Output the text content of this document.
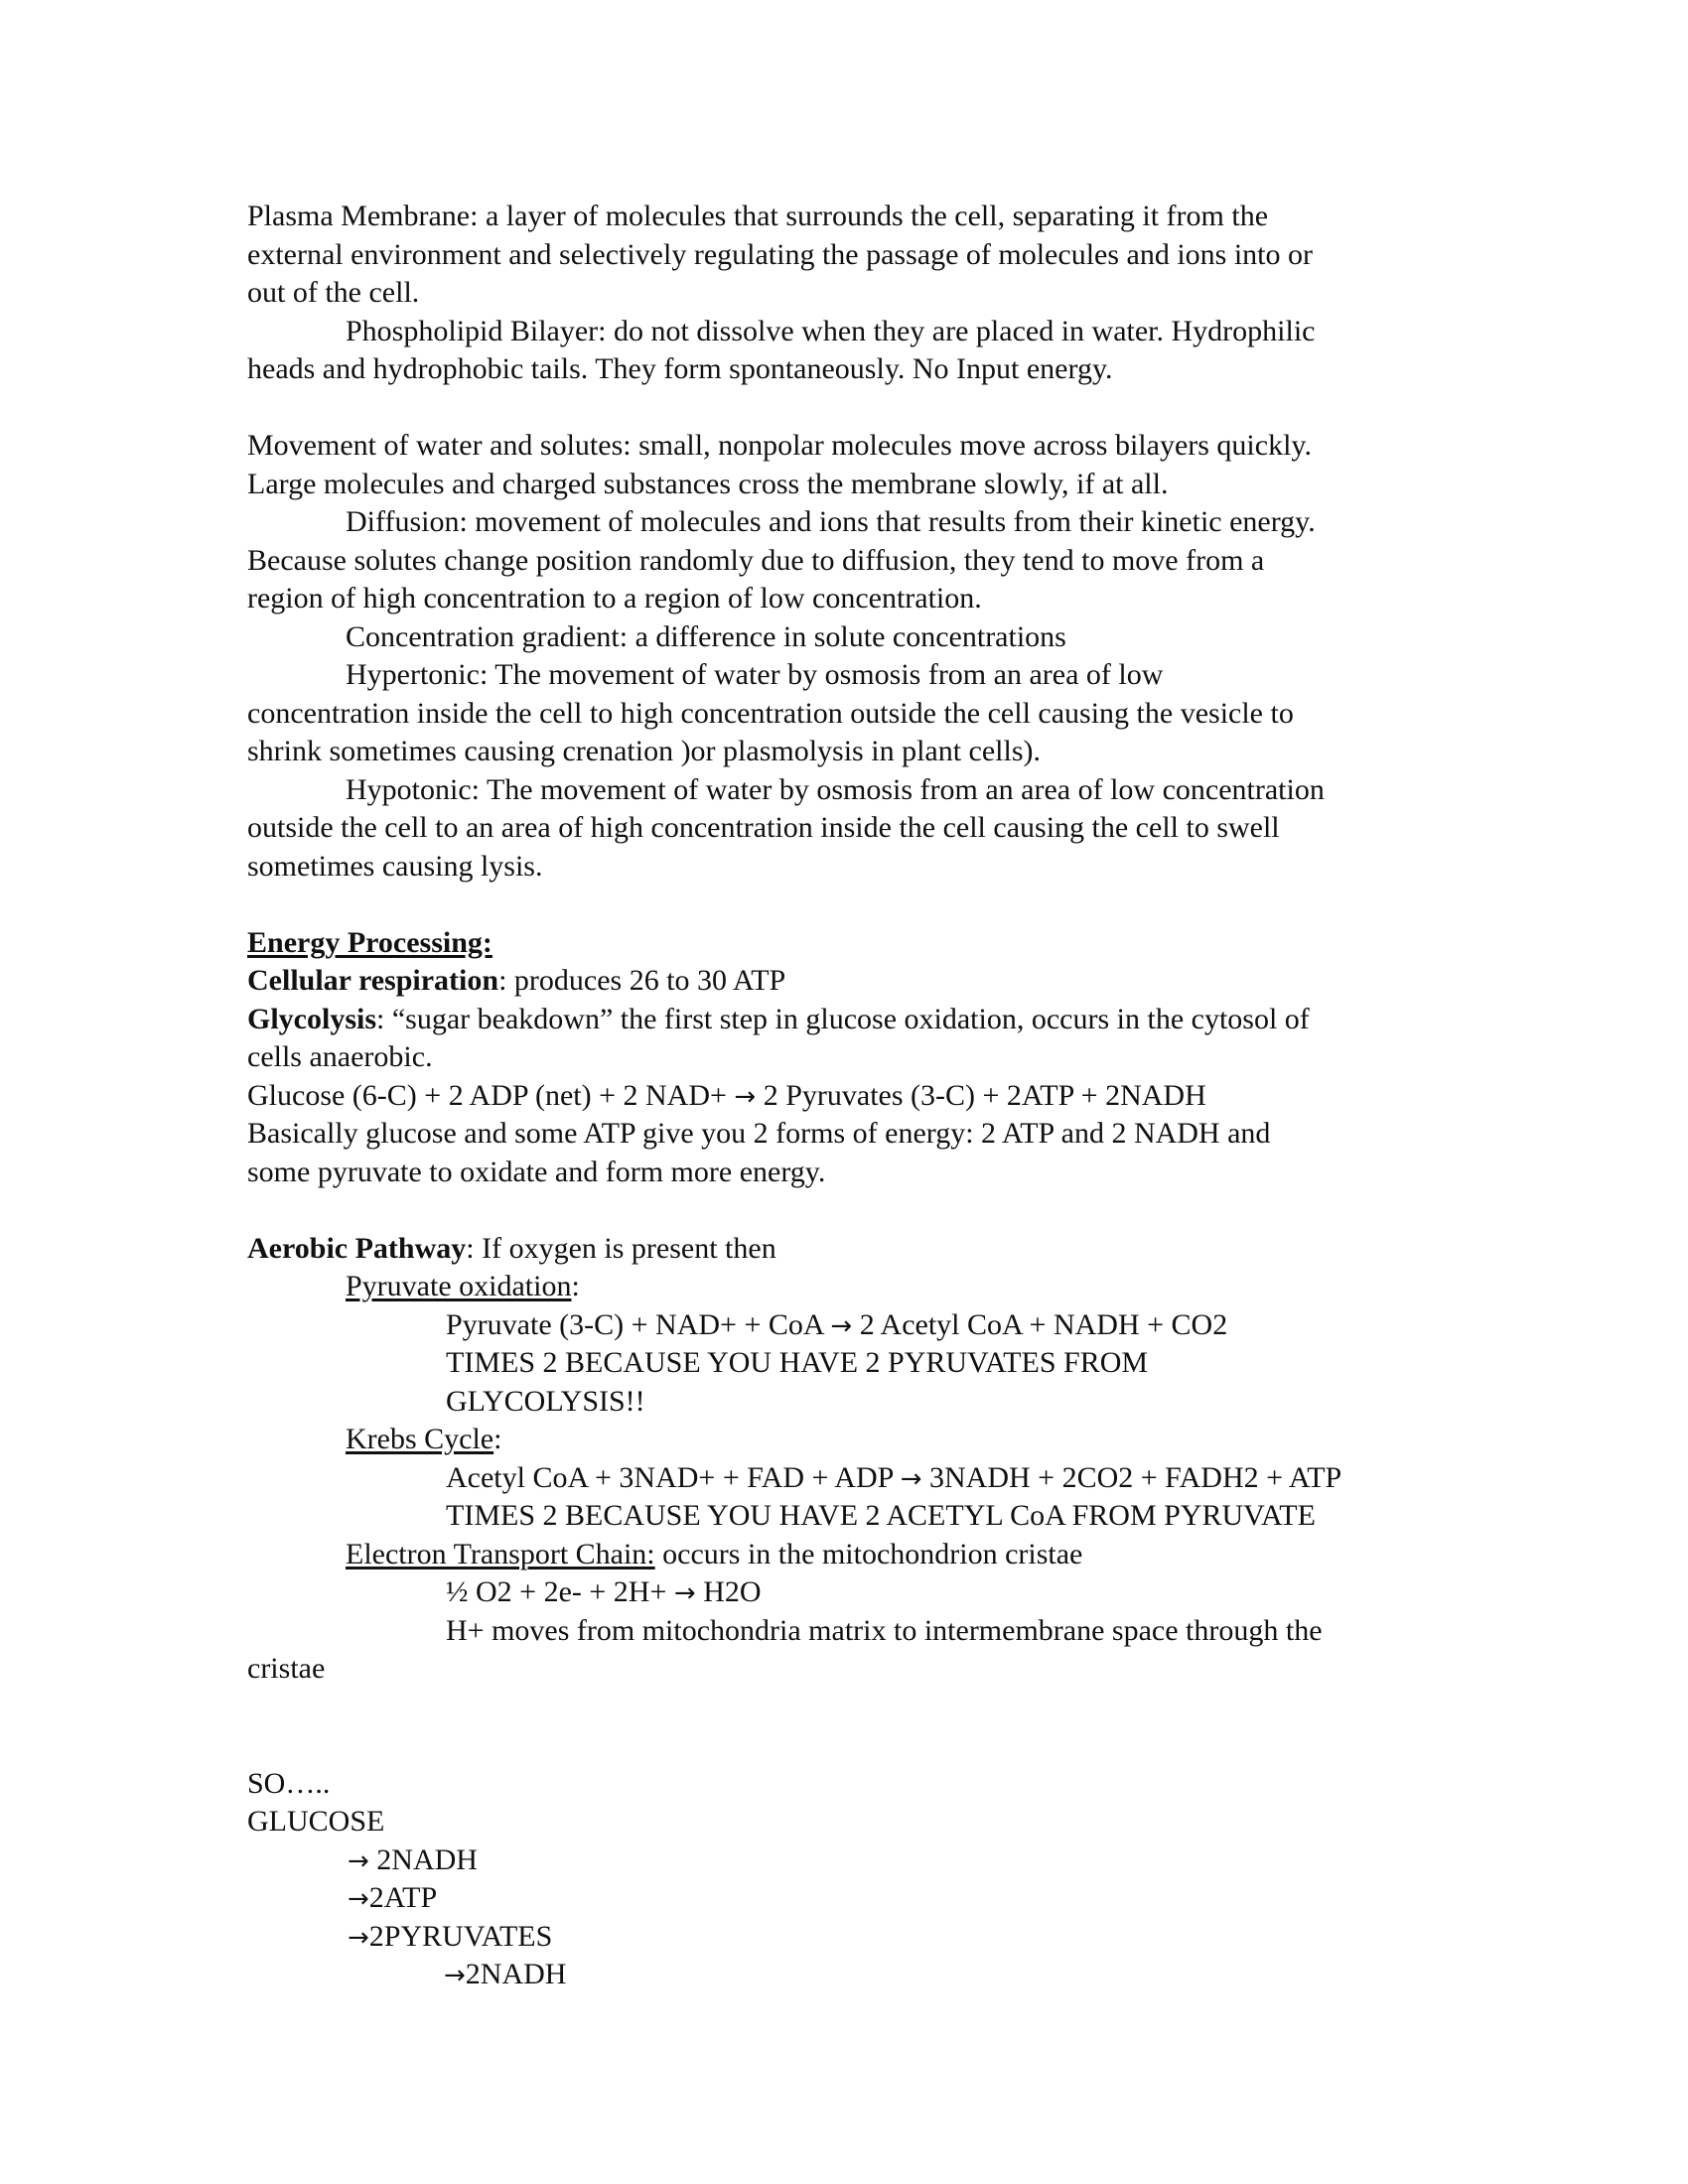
Plasma Membrane: a layer of molecules that surrounds the cell, separating it from the
external environment and selectively regulating the passage of molecules and ions into or
out of the cell.
Phospholipid Bilayer: do not dissolve when they are placed in water. Hydrophilic
heads and hydrophobic tails. They form spontaneously. No Input energy.
Movement of water and solutes: small, nonpolar molecules move across bilayers quickly.
Large molecules and charged substances cross the membrane slowly, if at all.
Diffusion: movement of molecules and ions that results from their kinetic energy.
Because solutes change position randomly due to diffusion, they tend to move from a
region of high concentration to a region of low concentration.
Concentration gradient: a difference in solute concentrations
Hypertonic: The movement of water by osmosis from an area of low
concentration inside the cell to high concentration outside the cell causing the vesicle to
shrink sometimes causing crenation )or plasmolysis in plant cells).
Hypotonic: The movement of water by osmosis from an area of low concentration
outside the cell to an area of high concentration inside the cell causing the cell to swell
sometimes causing lysis.
Energy Processing:
Cellular respiration: produces 26 to 30 ATP
Glycolysis: “sugar beakdown” the first step in glucose oxidation, occurs in the cytosol of
cells anaerobic.
Glucose (6-C) + 2 ADP (net) + 2 NAD+ → 2 Pyruvates (3-C) + 2ATP + 2NADH
Basically glucose and some ATP give you 2 forms of energy: 2 ATP and 2 NADH and
some pyruvate to oxidate and form more energy.
Aerobic Pathway: If oxygen is present then
Pyruvate oxidation:
Pyruvate (3-C) + NAD+ + CoA → 2 Acetyl CoA + NADH + CO2
TIMES 2 BECAUSE YOU HAVE 2 PYRUVATES FROM
GLYCOLYSIS!!
Krebs Cycle:
Acetyl CoA + 3NAD+ + FAD + ADP → 3NADH + 2CO2 + FADH2 + ATP
TIMES 2 BECAUSE YOU HAVE 2 ACETYL CoA FROM PYRUVATE
Electron Transport Chain: occurs in the mitochondrion cristae
½ O2 + 2e- + 2H+ → H2O
H+ moves from mitochondria matrix to intermembrane space through the
cristae
SO…..
GLUCOSE
→ 2NADH
→2ATP
→2PYRUVATES
→2NADH
